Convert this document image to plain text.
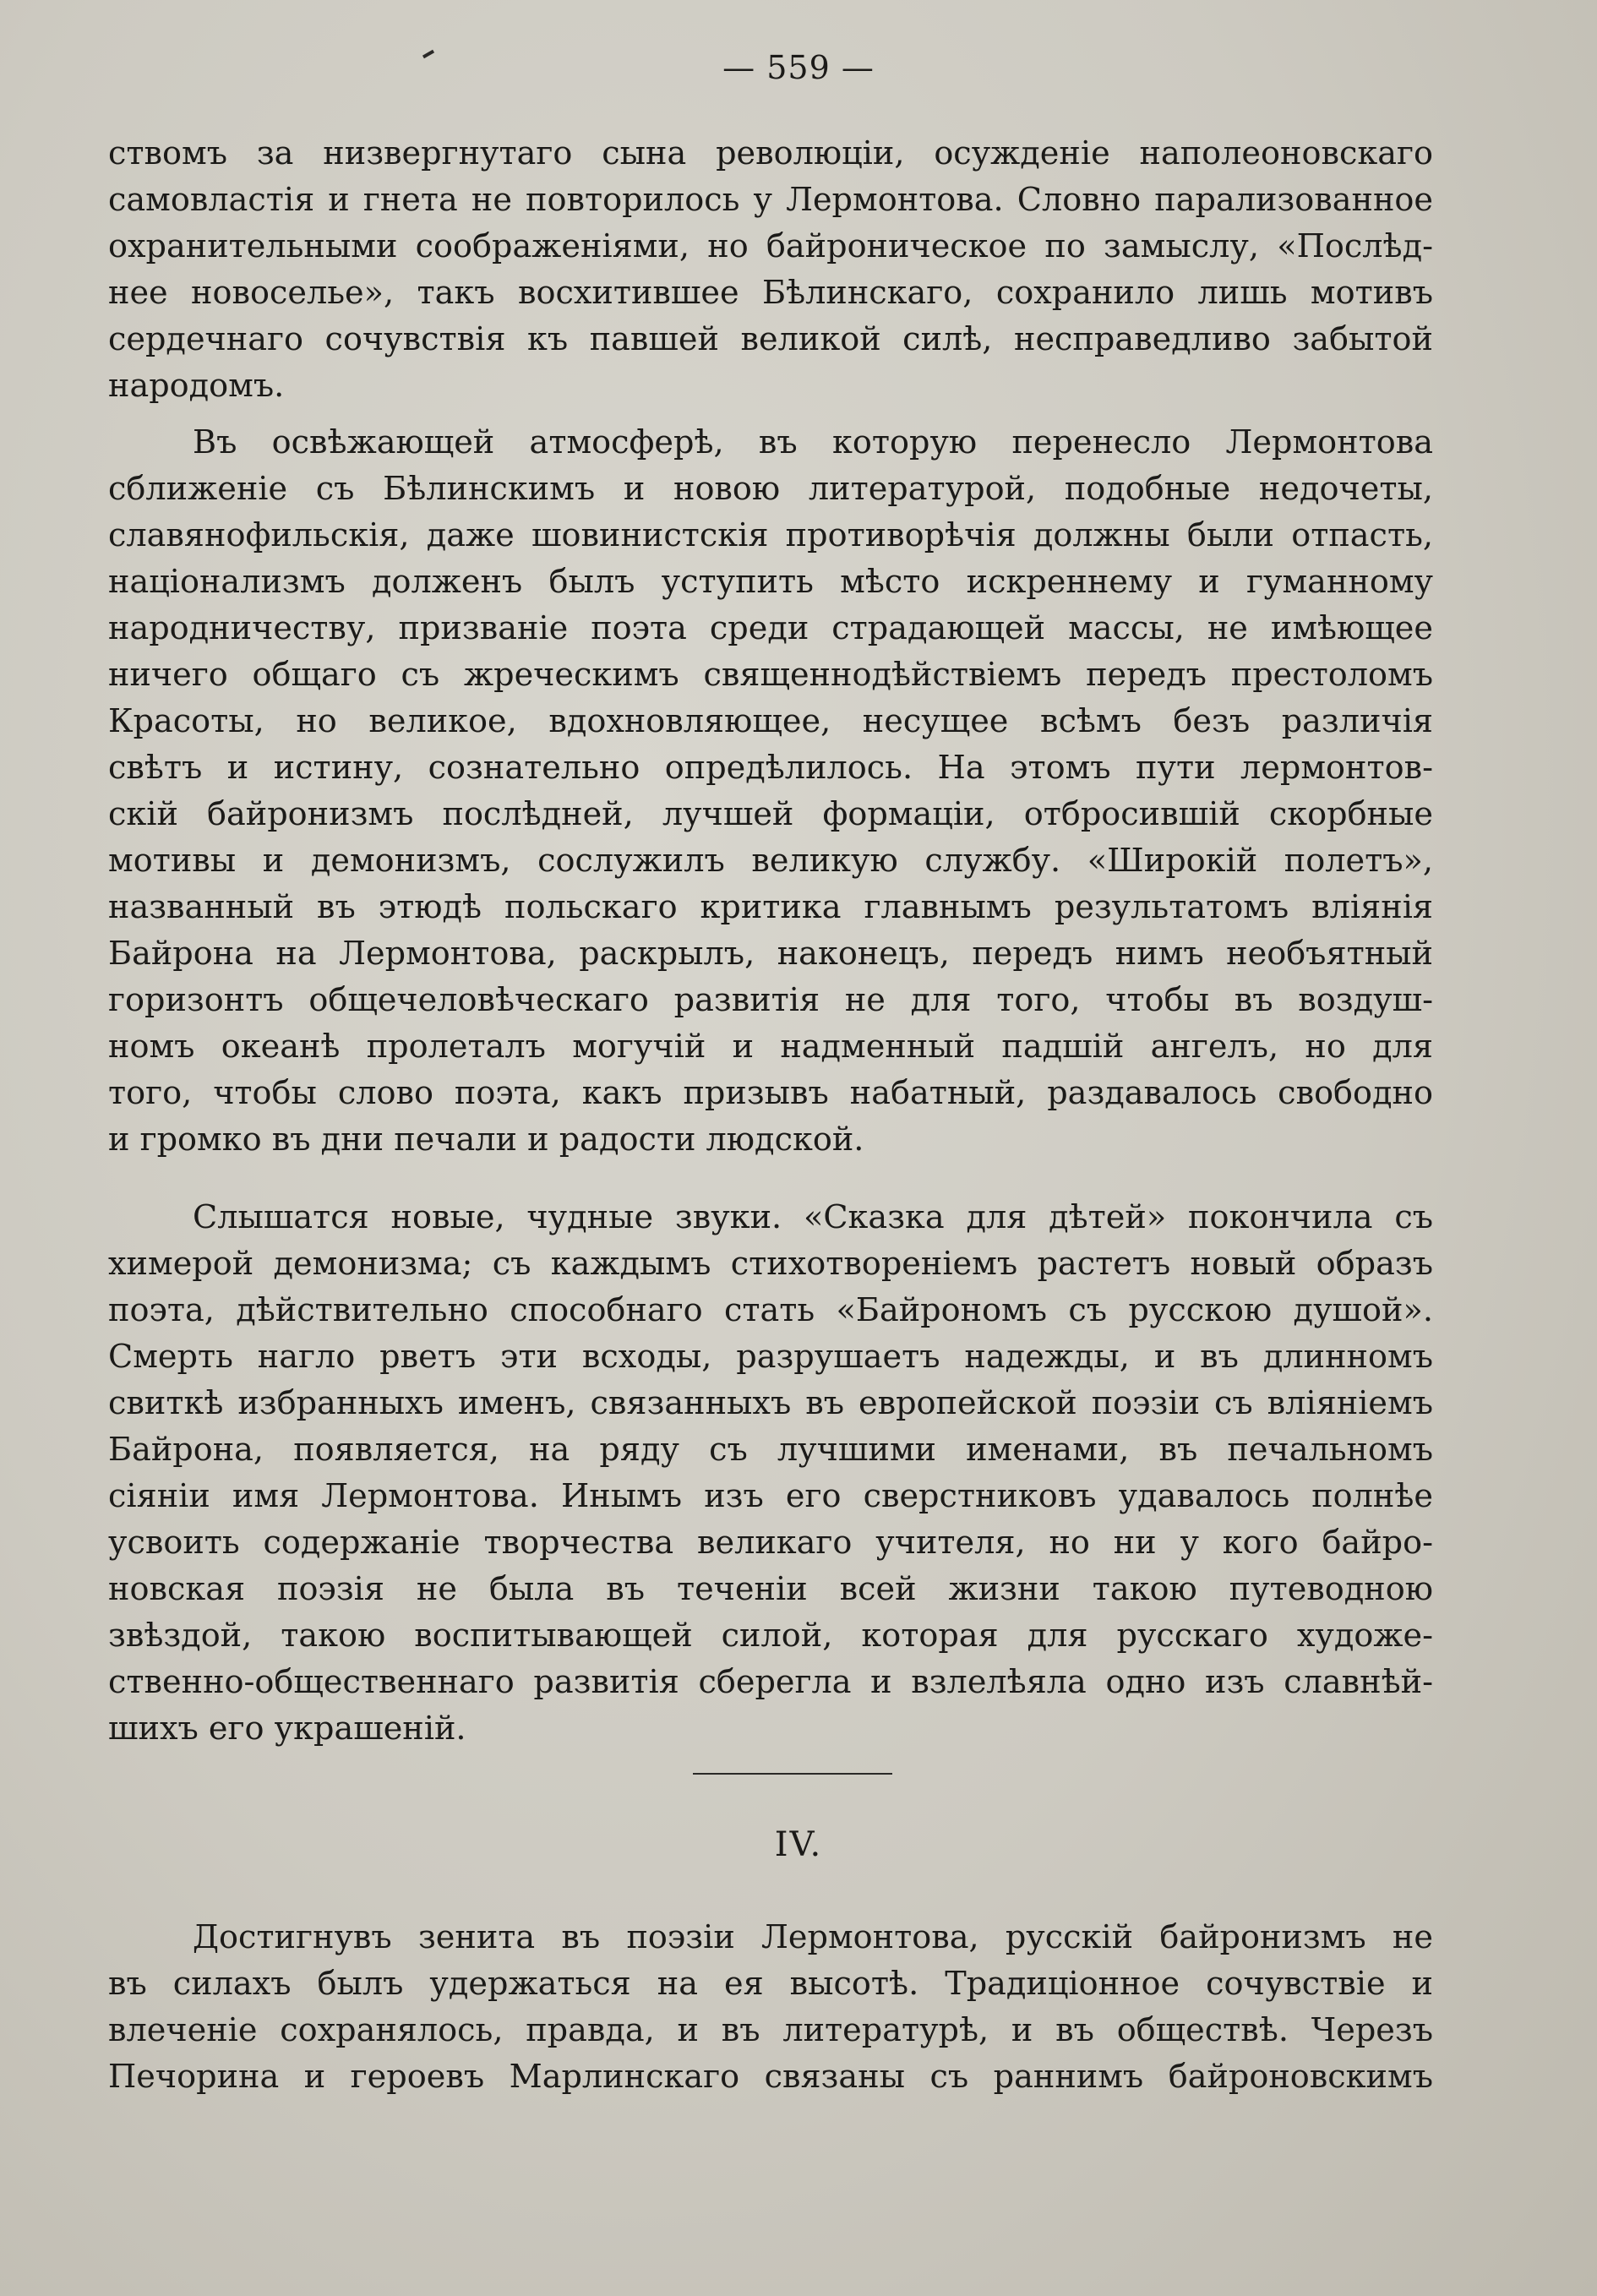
— 559 —
ствомъ за низвергнутаго сына революціи, осужденіе наполеоновскаго
самовластія и гнета не повторилось у Лермонтова. Словно парализованное
охранительными соображеніями, но байроническое по замыслу, «Послѣд-
нее новоселье», такъ восхитившее Бѣлинскаго, сохранило лишь мотивъ
сердечнаго сочувствія къ павшей великой силѣ, несправедливо забытой
народомъ.
Въ освѣжающей атмосферѣ, въ которую перенесло Лермонтова
сближеніе съ Бѣлинскимъ и новою литературой, подобные недочеты,
славянофильскія, даже шовинистскія противорѣчія должны были отпасть,
націонализмъ долженъ былъ уступить мѣсто искреннему и гуманному
народничеству, призваніе поэта среди страдающей массы, не имѣющее
ничего общаго съ жреческимъ священнодѣйствіемъ передъ престоломъ
Красоты, но великое, вдохновляющее, несущее всѣмъ безъ различія
свѣтъ и истину, сознательно опредѣлилось. На этомъ пути лермонтов-
скій байронизмъ послѣдней, лучшей формаціи, отбросившій скорбные
мотивы и демонизмъ, сослужилъ великую службу. «Широкій полетъ»,
названный въ этюдѣ польскаго критика главнымъ результатомъ вліянія
Байрона на Лермонтова, раскрылъ, наконецъ, передъ нимъ необъятный
горизонтъ общечеловѣческаго развитія не для того, чтобы въ воздуш-
номъ океанѣ пролеталъ могучій и надменный падшій ангелъ, но для
того, чтобы слово поэта, какъ призывъ набатный, раздавалось свободно
и громко въ дни печали и радости людской.
Слышатся новые, чудные звуки. «Сказка для дѣтей» покончила съ
химерой демонизма; съ каждымъ стихотвореніемъ растетъ новый образъ
поэта, дѣйствительно способнаго стать «Байрономъ съ русскою душой».
Смерть нагло рветъ эти всходы, разрушаетъ надежды, и въ длинномъ
свиткѣ избранныхъ именъ, связанныхъ въ европейской поэзіи съ вліяніемъ
Байрона, появляется, на ряду съ лучшими именами, въ печальномъ
сіяніи имя Лермонтова. Инымъ изъ его сверстниковъ удавалось полнѣе
усвоить содержаніе творчества великаго учителя, но ни у кого байро-
новская поэзія не была въ теченіи всей жизни такою путеводною
звѣздой, такою воспитывающей силой, которая для русскаго художе-
ственно-общественнаго развитія сберегла и взлелѣяла одно изъ славнѣй-
шихъ его украшеній.
IV.
Достигнувъ зенита въ поэзіи Лермонтова, русскій байронизмъ не
въ силахъ былъ удержаться на ея высотѣ. Традиціонное сочувствіе и
влеченіе сохранялось, правда, и въ литературѣ, и въ обществѣ. Черезъ
Печорина и героевъ Марлинскаго связаны съ раннимъ байроновскимъ
